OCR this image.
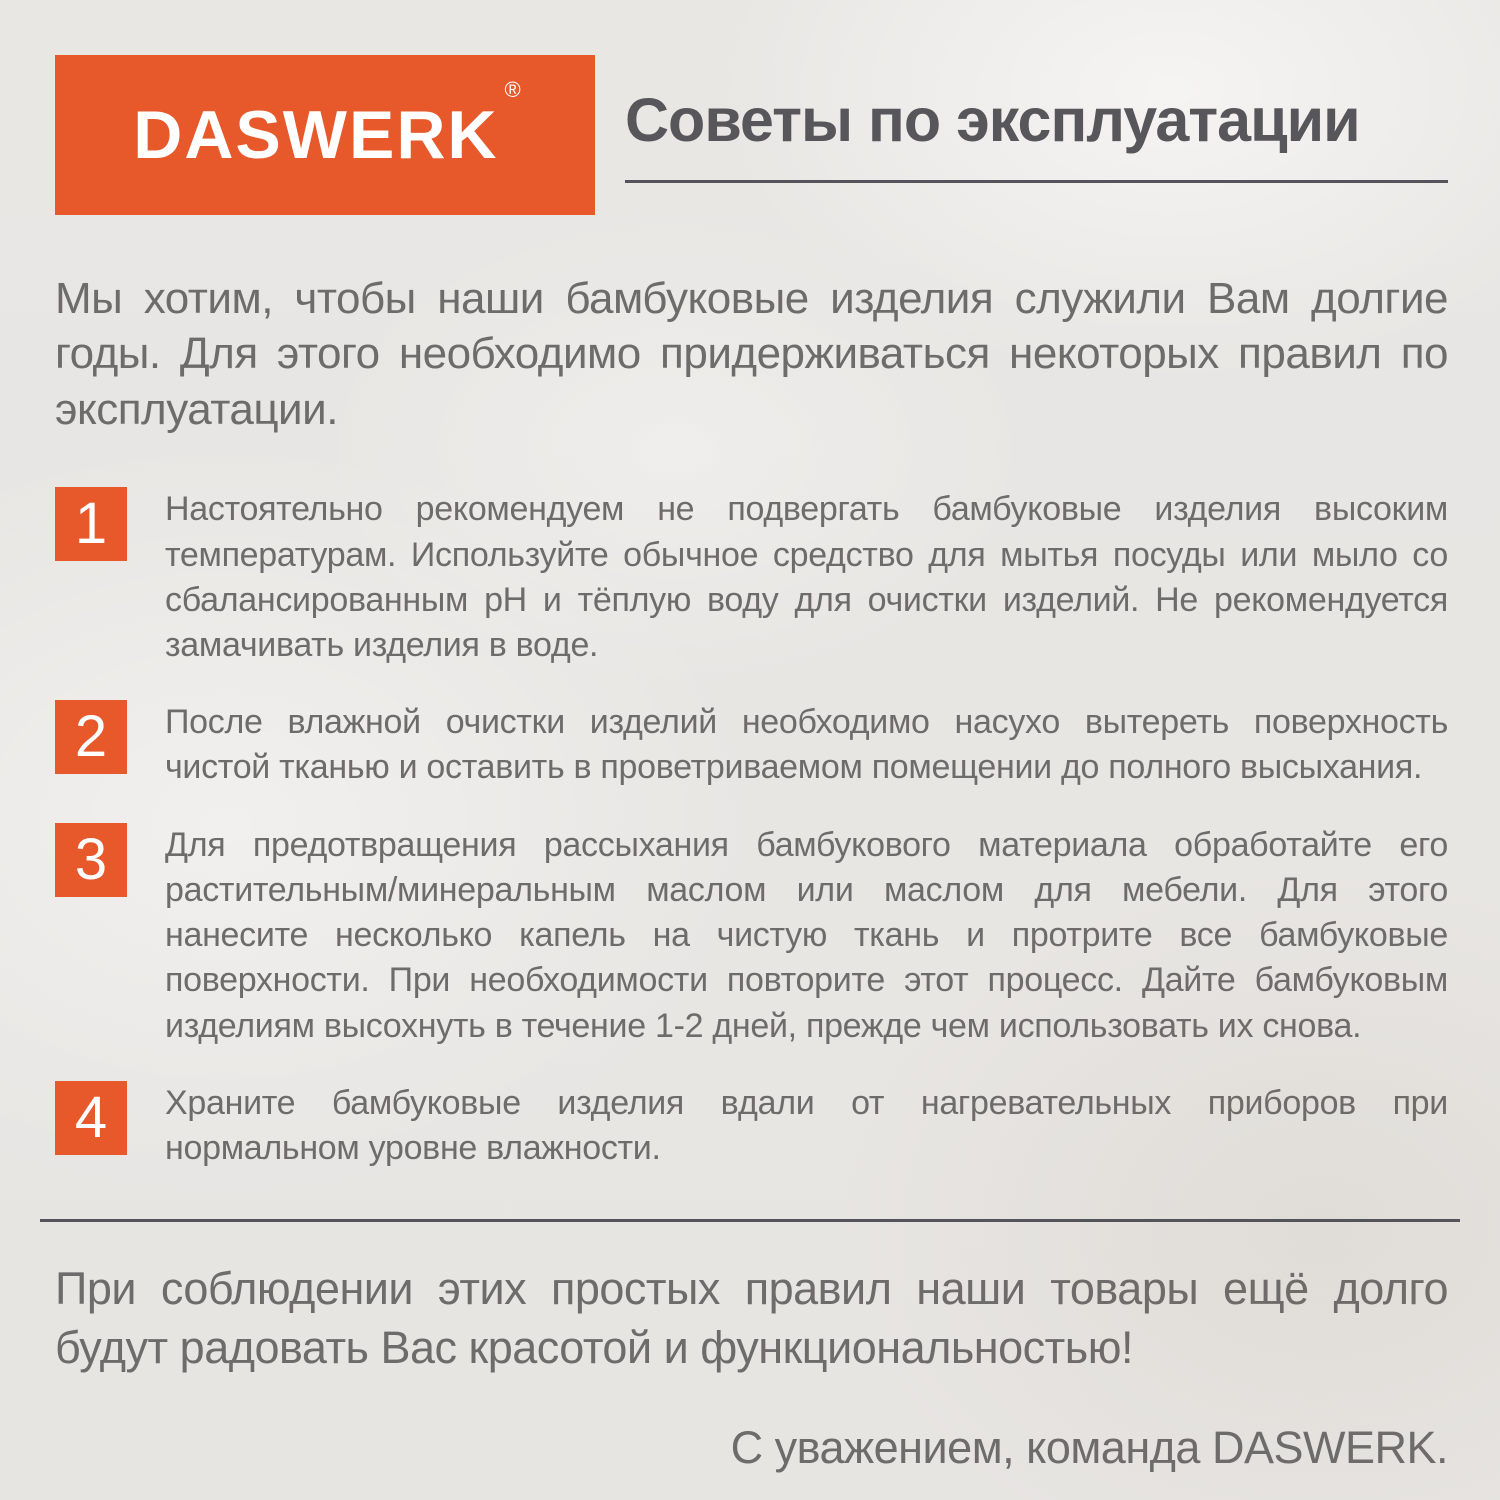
DASWERK® Советы по эксплуатации

Мы хотим, чтобы наши бамбуковые изделия служили Вам долгие годы. Для этого необходимо придерживаться некоторых правил по эксплуатации.

1	Настоятельно рекомендуем не подвергать бамбуковые изделия высоким температурам. Используйте обычное средство для мытья посуды или мыло со сбалансированным pH и тёплую воду для очистки изделий. Не рекомендуется замачивать изделия в воде.
2	После влажной очистки изделий необходимо насухо вытереть поверхность чистой тканью и оставить в проветриваемом помещении до полного высыхания.
3	Для предотвращения рассыхания бамбукового материала обработайте его растительным/минеральным маслом или маслом для мебели. Для этого нанесите несколько капель на чистую ткань и протрите все бамбуковые поверхности. При необходимости повторите этот процесс. Дайте бамбуковым изделиям высохнуть в течение 1-2 дней, прежде чем использовать их снова.
4	Храните бамбуковые изделия вдали от нагревательных приборов при нормальном уровне влажности.

При соблюдении этих простых правил наши товары ещё долго будут радовать Вас красотой и функциональностью!

С уважением, команда DASWERK.
